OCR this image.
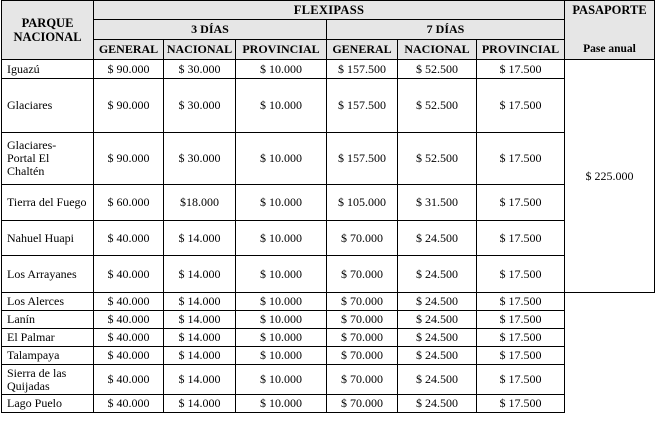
PARQUE NACIONAL	FLEXIPASS						PASAPORTE
	3 DÍAS			7 DÍAS			
	GENERAL	NACIONAL	PROVINCIAL	GENERAL	NACIONAL	PROVINCIAL	Pase anual

Iguazú	$ 90.000	$ 30.000	$ 10.000	$ 157.500	$ 52.500	$ 17.500	$ 225.000

Glaciares	$ 90.000	$ 30.000	$ 10.000	$ 157.500	$ 52.500	$ 17.500	

Glaciares-Portal El Chaltén	$ 90.000	$ 30.000	$ 10.000	$ 157.500	$ 52.500	$ 17.500	

Tierra del Fuego	$ 60.000	$18.000	$ 10.000	$ 105.000	$ 31.500	$ 17.500	

Nahuel Huapi	$ 40.000	$ 14.000	$ 10.000	$ 70.000	$ 24.500	$ 17.500	

Los Arrayanes	$ 40.000	$ 14.000	$ 10.000	$ 70.000	$ 24.500	$ 17.500	

Los Alerces	$ 40.000	$ 14.000	$ 10.000	$ 70.000	$ 24.500	$ 17.500	

Lanín	$ 40.000	$ 14.000	$ 10.000	$ 70.000	$ 24.500	$ 17.500	

El Palmar	$ 40.000	$ 14.000	$ 10.000	$ 70.000	$ 24.500	$ 17.500	

Talampaya	$ 40.000	$ 14.000	$ 10.000	$ 70.000	$ 24.500	$ 17.500	

Sierra de las Quijadas	$ 40.000	$ 14.000	$ 10.000	$ 70.000	$ 24.500	$ 17.500	

Lago Puelo	$ 40.000	$ 14.000	$ 10.000	$ 70.000	$ 24.500	$ 17.500	
